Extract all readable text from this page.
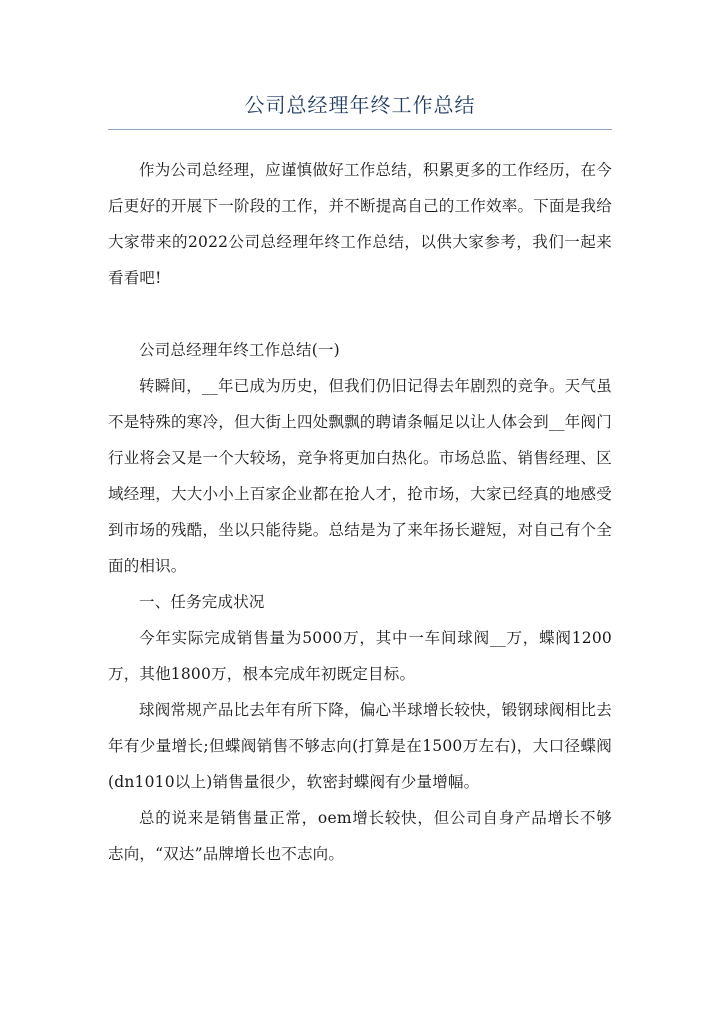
公司总经理年终工作总结

作为公司总经理，应谨慎做好工作总结，积累更多的工作经历，在今后更好的开展下一阶段的工作，并不断提高自己的工作效率。下面是我给大家带来的2022公司总经理年终工作总结，以供大家参考，我们一起来看看吧!

公司总经理年终工作总结(一)

转瞬间，__年已成为历史，但我们仍旧记得去年剧烈的竞争。天气虽不是特殊的寒冷，但大街上四处飘飘的聘请条幅足以让人体会到__年阀门行业将会又是一个大较场，竞争将更加白热化。市场总监、销售经理、区域经理，大大小小上百家企业都在抢人才，抢市场，大家已经真的地感受到市场的残酷，坐以只能待毙。总结是为了来年扬长避短，对自己有个全面的相识。

一、任务完成状况

今年实际完成销售量为5000万，其中一车间球阀__万，蝶阀1200万，其他1800万，根本完成年初既定目标。

球阀常规产品比去年有所下降，偏心半球增长较快，锻钢球阀相比去年有少量增长;但蝶阀销售不够志向(打算是在1500万左右)，大口径蝶阀(dn1010以上)销售量很少，软密封蝶阀有少量增幅。

总的说来是销售量正常，oem增长较快，但公司自身产品增长不够志向，“双达”品牌增长也不志向。
